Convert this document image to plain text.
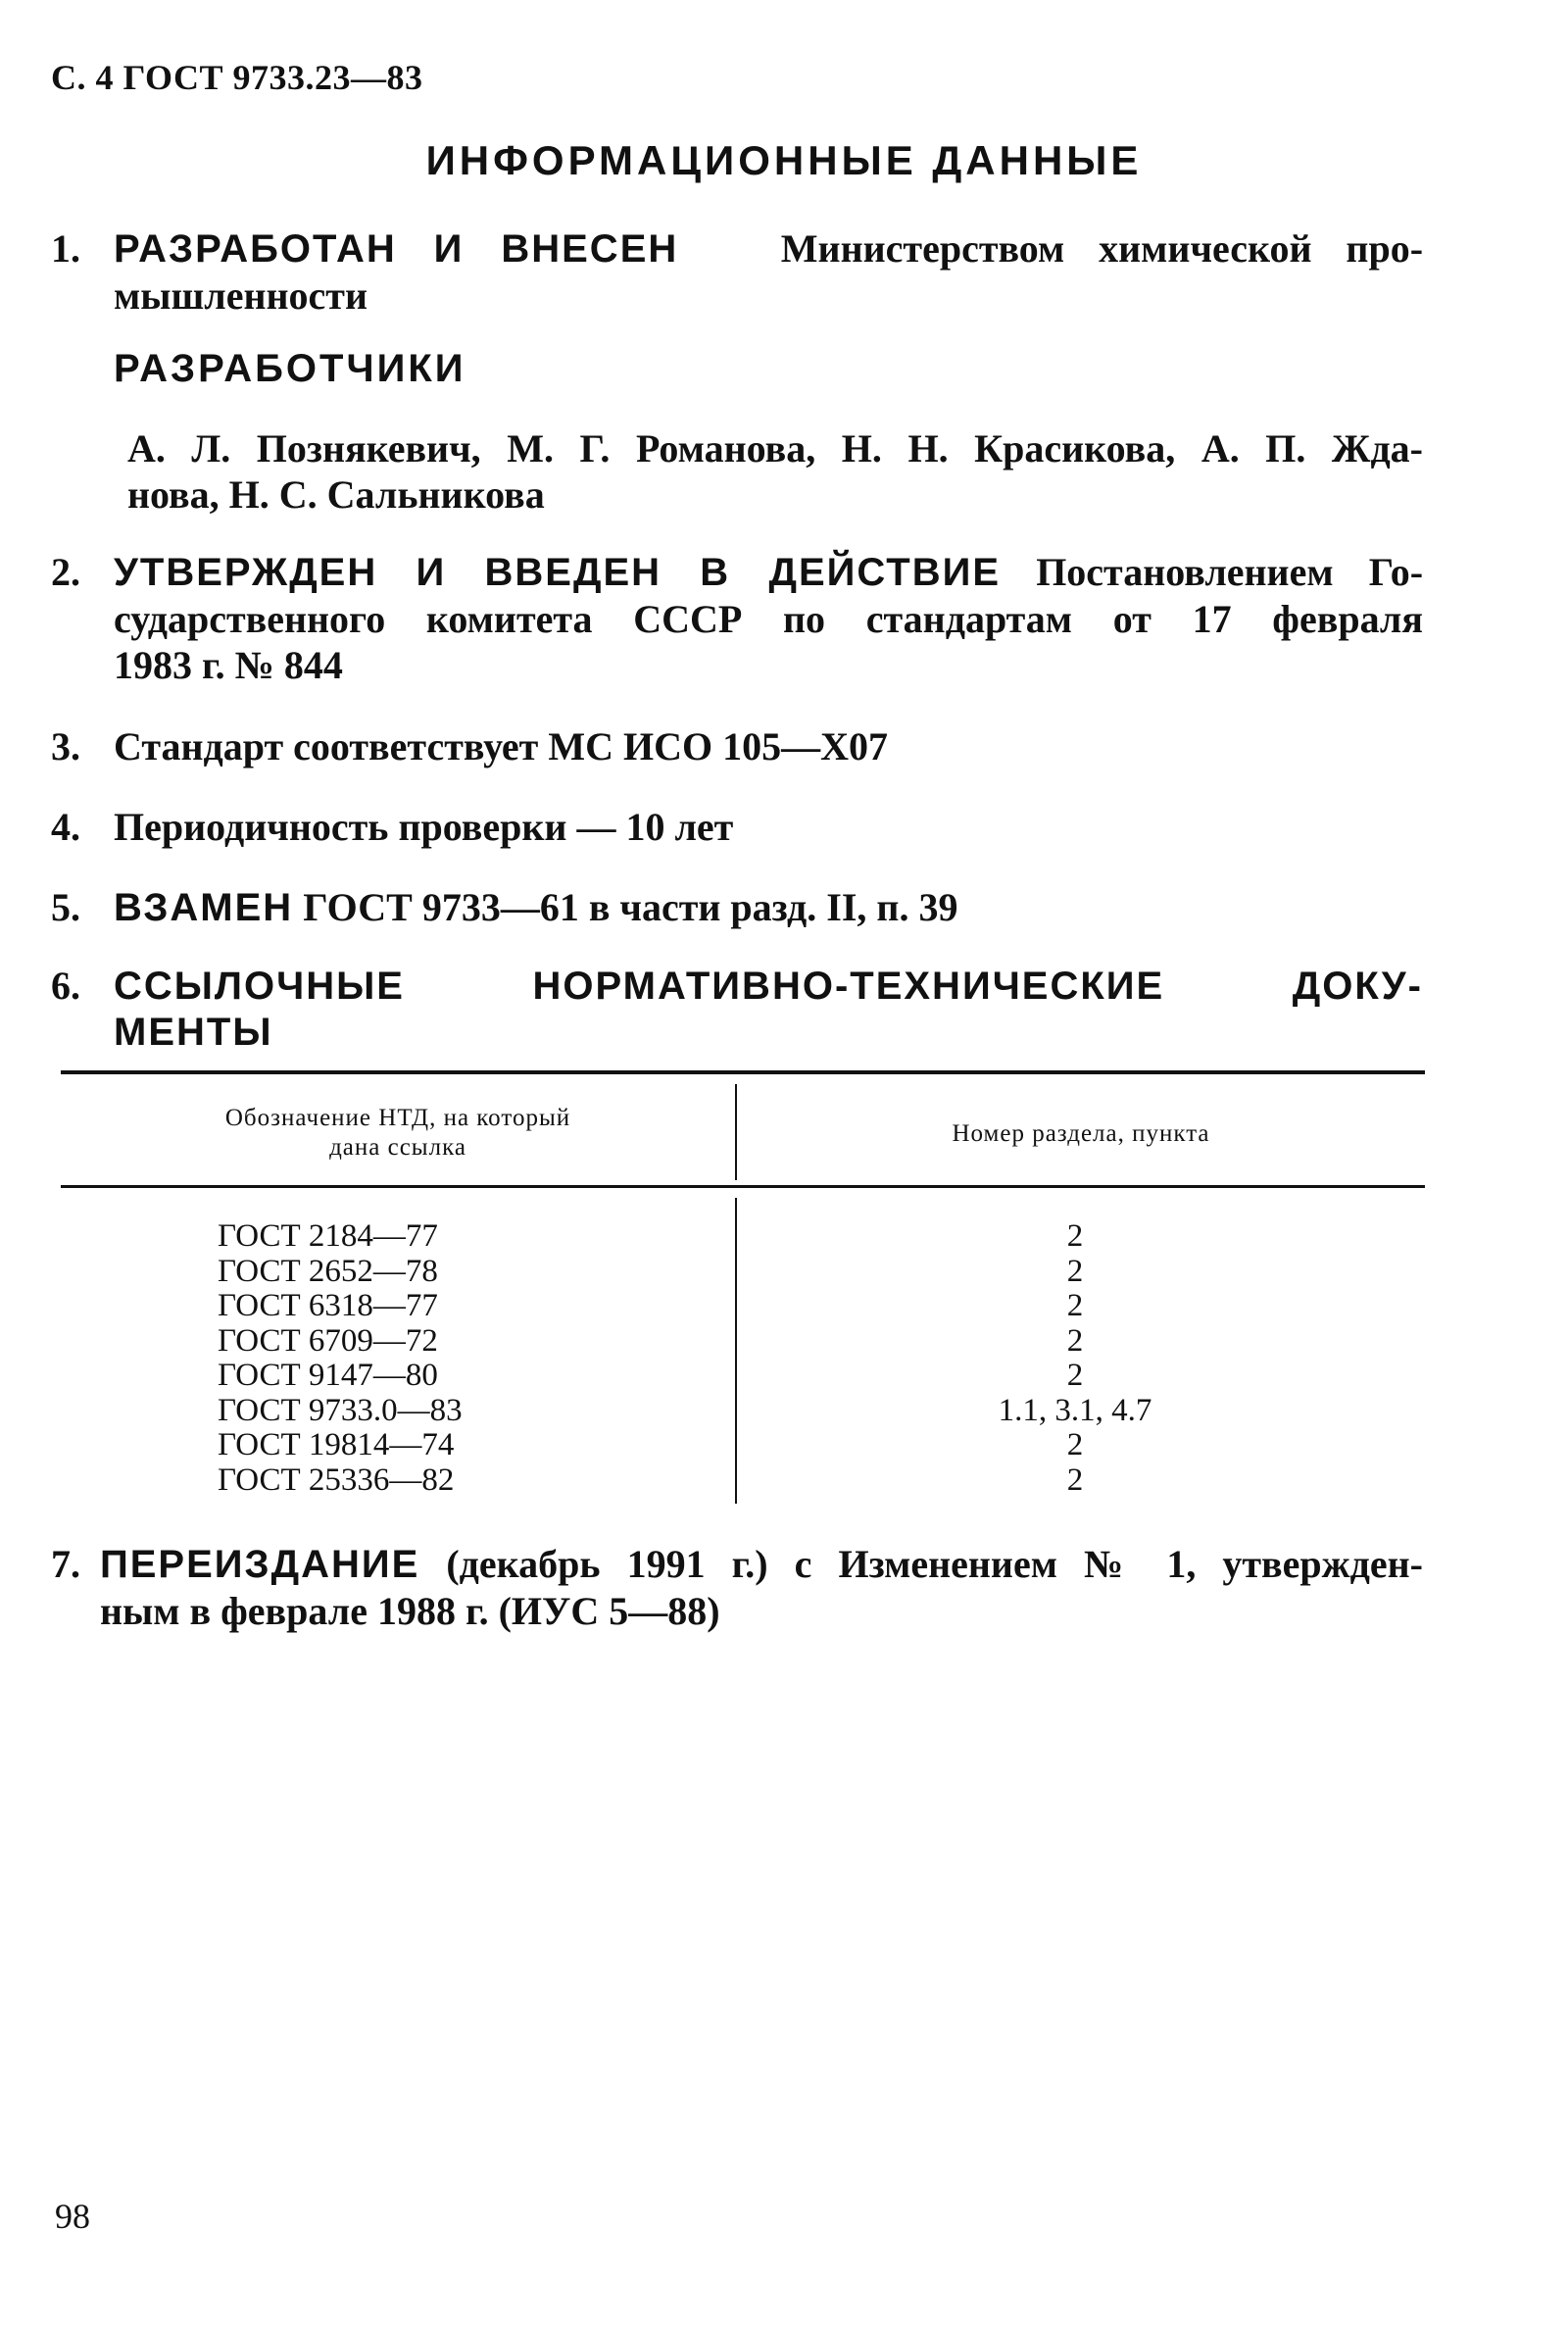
С. 4 ГОСТ 9733.23—83
ИНФОРМАЦИОННЫЕ ДАННЫЕ
1. РАЗРАБОТАН И ВНЕСЕН	Министерством химической про-
мышленности
РАЗРАБОТЧИКИ
А. Л. Познякевич, М. Г. Романова, Н. Н. Красикова, А. П. Жда-
нова, Н. С. Сальникова
2. УТВЕРЖДЕН И ВВЕДЕН В ДЕЙСТВИЕ Постановлением Го-
сударственного комитета СССР по стандартам от 17 февраля
1983 г. № 844
3. Стандарт соответствует МС ИСО 105—Х07
4. Периодичность проверки — 10 лет
5. ВЗАМЕН ГОСТ 9733—61 в части разд. II, п. 39
6. ССЫЛОЧНЫЕ НОРМАТИВНО-ТЕХНИЧЕСКИЕ ДОКУ-
МЕНТЫ
Обозначение НТД, на который
дана ссылка
Номер раздела, пункта
ГОСТ 2184—77
ГОСТ 2652—78
ГОСТ 6318—77
ГОСТ 6709—72
ГОСТ 9147—80
ГОСТ 9733.0—83
ГОСТ 19814—74
ГОСТ 25336—82
2
2
2
2
2
1.1, 3.1, 4.7
2
2
7. ПЕРЕИЗДАНИЕ (декабрь 1991 г.) с Изменением № 1, утвержден-
ным в феврале 1988 г. (ИУС 5—88)
98
